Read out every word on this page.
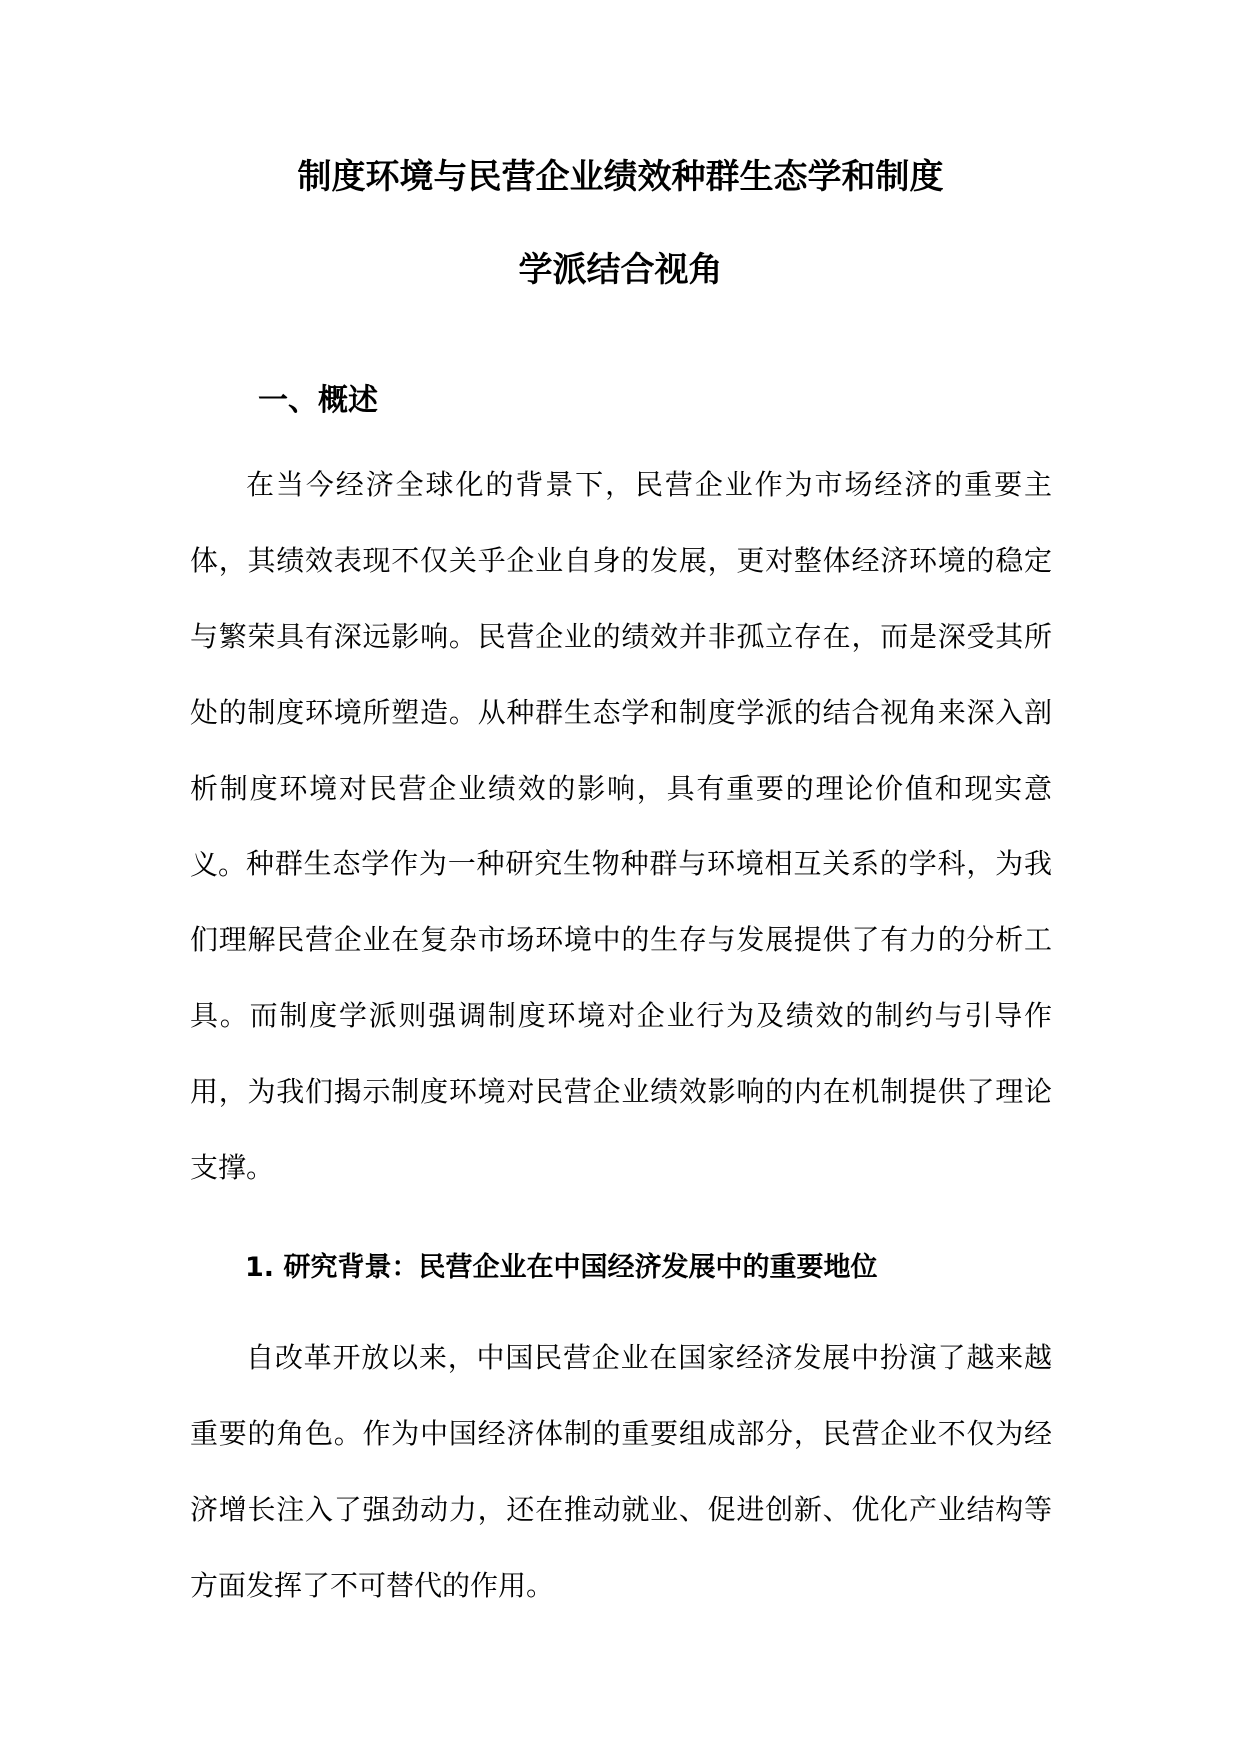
制度环境与民营企业绩效种群生态学和制度
学派结合视角
一、概述

在当今经济全球化的背景下，民营企业作为市场经济的重要主体，其绩效表现不仅关乎企业自身的发展，更对整体经济环境的稳定与繁荣具有深远影响。民营企业的绩效并非孤立存在，而是深受其所处的制度环境所塑造。从种群生态学和制度学派的结合视角来深入剖析制度环境对民营企业绩效的影响，具有重要的理论价值和现实意义。 种群生态学作为一种研究生物种群与环境相互关系的学科，为我们理解民营企业在复杂市场环境中的生存与发展提供了有力的分析工具。而制度学派则强调制度环境对企业行为及绩效的制约与引导作用，为我们揭示制度环境对民营企业绩效影响的内在机制提供了理论支撑。

1. 研究背景：民营企业在中国经济发展中的重要地位

自改革开放以来，中国民营企业在国家经济发展中扮演了越来越重要的角色。作为中国经济体制的重要组成部分，民营企业不仅为经济增长注入了强劲动力，还在推动就业、促进创新、优化产业结构等方面发挥了不可替代的作用。
